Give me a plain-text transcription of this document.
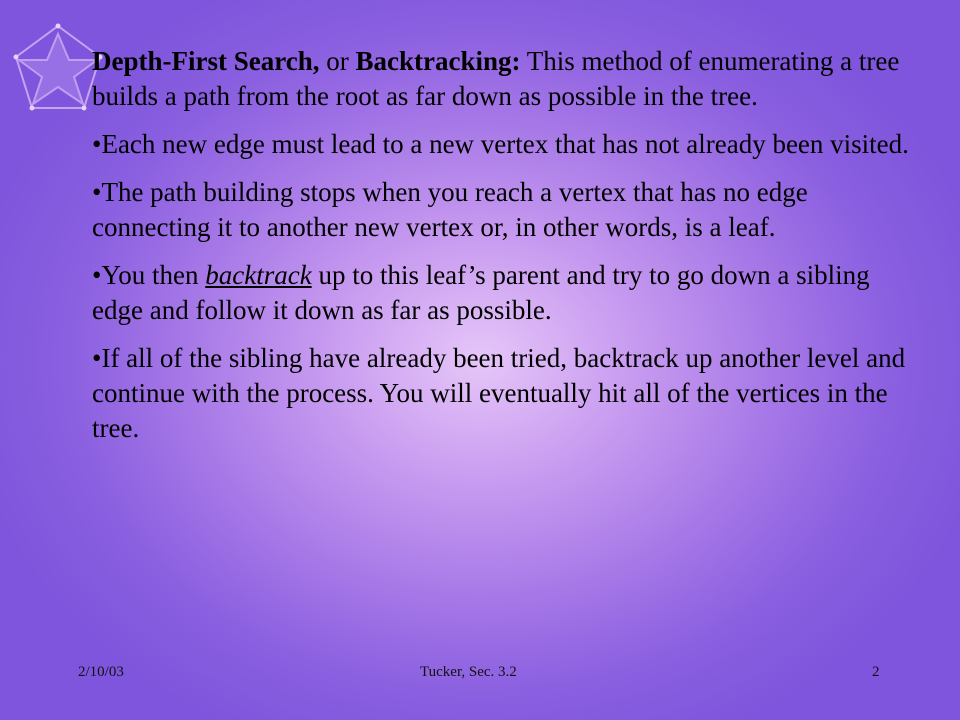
Depth-First Search, or Backtracking: This method of enumerating a tree builds a path from the root as far down as possible in the tree.

•Each new edge must lead to a new vertex that has not already been visited.

•The path building stops when you reach a vertex that has no edge connecting it to another new vertex or, in other words, is a leaf.

•You then backtrack up to this leaf’s parent and try to go down a sibling edge and follow it down as far as possible.

•If all of the sibling have already been tried, backtrack up another level and continue with the process. You will eventually hit all of the vertices in the tree.

2/10/03	Tucker, Sec. 3.2	2
